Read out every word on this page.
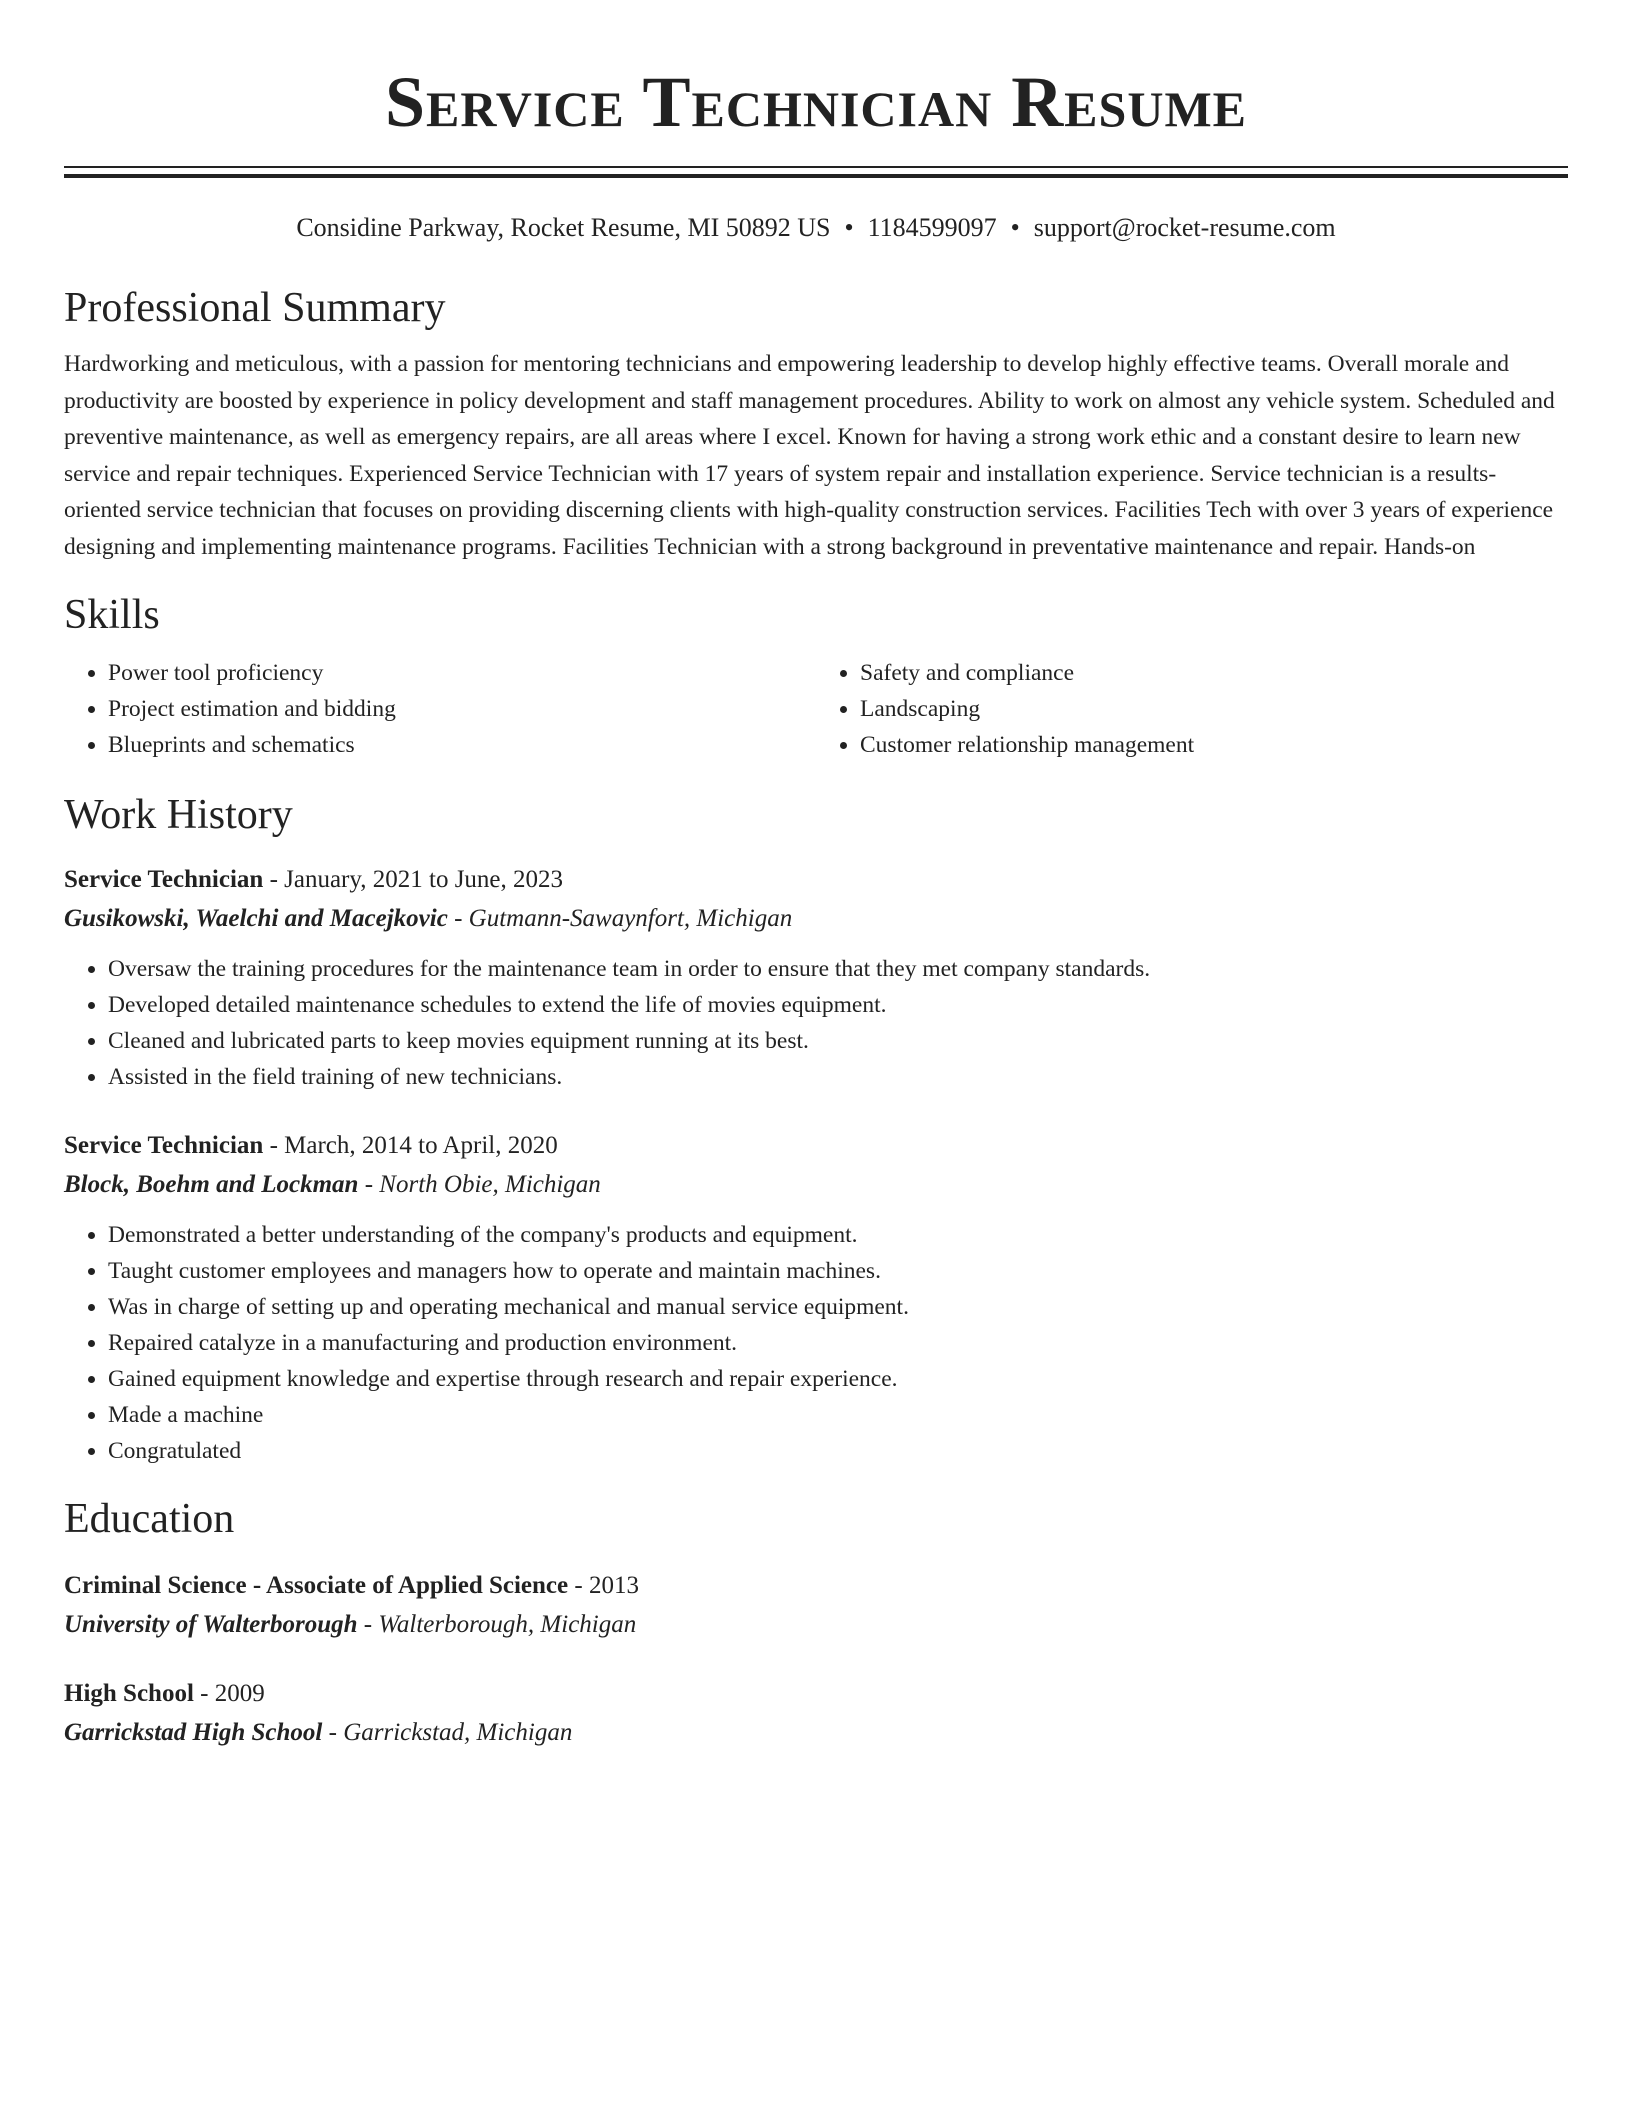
Service Technician Resume
Considine Parkway, Rocket Resume, MI 50892 US • 1184599097 • support@rocket-resume.com
Professional Summary

Hardworking and meticulous, with a passion for mentoring technicians and empowering leadership to develop highly effective teams. Overall morale and productivity are boosted by experience in policy development and staff management procedures. Ability to work on almost any vehicle system. Scheduled and preventive maintenance, as well as emergency repairs, are all areas where I excel. Known for having a strong work ethic and a constant desire to learn new service and repair techniques. Experienced Service Technician with 17 years of system repair and installation experience. Service technician is a results-oriented service technician that focuses on providing discerning clients with high-quality construction services. Facilities Tech with over 3 years of experience designing and implementing maintenance programs. Facilities Technician with a strong background in preventative maintenance and repair. Hands-on

Skills
• Power tool proficiency
• Project estimation and bidding
• Blueprints and schematics
• Safety and compliance
• Landscaping
• Customer relationship management
Work History
Service Technician - January, 2021 to June, 2023
Gusikowski, Waelchi and Macejkovic - Gutmann-Sawaynfort, Michigan
• Oversaw the training procedures for the maintenance team in order to ensure that they met company standards.
• Developed detailed maintenance schedules to extend the life of movies equipment.
• Cleaned and lubricated parts to keep movies equipment running at its best.
• Assisted in the field training of new technicians.
Service Technician - March, 2014 to April, 2020
Block, Boehm and Lockman - North Obie, Michigan
• Demonstrated a better understanding of the company's products and equipment.
• Taught customer employees and managers how to operate and maintain machines.
• Was in charge of setting up and operating mechanical and manual service equipment.
• Repaired catalyze in a manufacturing and production environment.
• Gained equipment knowledge and expertise through research and repair experience.
• Made a machine
• Congratulated
Education
Criminal Science - Associate of Applied Science - 2013
University of Walterborough - Walterborough, Michigan
High School - 2009
Garrickstad High School - Garrickstad, Michigan
